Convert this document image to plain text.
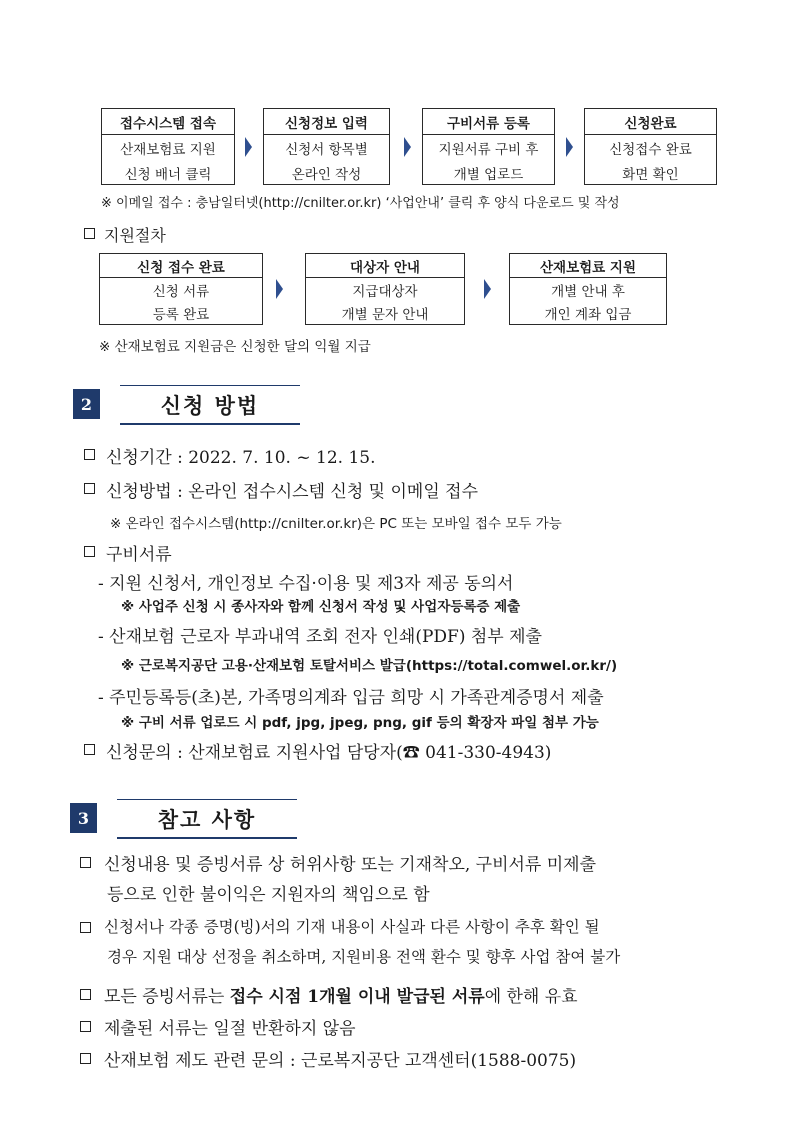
접수시스템 접속
산재보험료 지원
신청 배너 클릭
신청정보 입력
신청서 항목별
온라인 작성
구비서류 등록
지원서류 구비 후
개별 업로드
신청완료
신청접수 완료
화면 확인
※ 이메일 접수 : 충남일터넷(http://cnilter.or.kr) ‘사업안내’ 클릭 후 양식 다운로드 및 작성
지원절차
신청 접수 완료
신청 서류
등록 완료
대상자 안내
지급대상자
개별 문자 안내
산재보험료 지원
개별 안내 후
개인 계좌 입금
※ 산재보험료 지원금은 신청한 달의 익월 지급
2	신청 방법
신청기간 : 2022. 7. 10. ~ 12. 15.
신청방법 : 온라인 접수시스템 신청 및 이메일 접수
※ 온라인 접수시스템(http://cnilter.or.kr)은 PC 또는 모바일 접수 모두 가능
구비서류
- 지원 신청서, 개인정보 수집·이용 및 제3자 제공 동의서
※ 사업주 신청 시 종사자와 함께 신청서 작성 및 사업자등록증 제출
- 산재보험 근로자 부과내역 조회 전자 인쇄(PDF) 첨부 제출
※ 근로복지공단 고용·산재보험 토탈서비스 발급(https://total.comwel.or.kr/)
- 주민등록등(초)본, 가족명의계좌 입금 희망 시 가족관계증명서 제출
※ 구비 서류 업로드 시 pdf, jpg, jpeg, png, gif 등의 확장자 파일 첨부 가능
신청문의 : 산재보험료 지원사업 담당자(☎ 041-330-4943)
3	참고 사항
신청내용 및 증빙서류 상 허위사항 또는 기재착오, 구비서류 미제출
등으로 인한 불이익은 지원자의 책임으로 함
신청서나 각종 증명(빙)서의 기재 내용이 사실과 다른 사항이 추후 확인 될
경우 지원 대상 선정을 취소하며, 지원비용 전액 환수 및 향후 사업 참여 불가
모든 증빙서류는 접수 시점 1개월 이내 발급된 서류에 한해 유효
제출된 서류는 일절 반환하지 않음
산재보험 제도 관련 문의 : 근로복지공단 고객센터(1588-0075)
